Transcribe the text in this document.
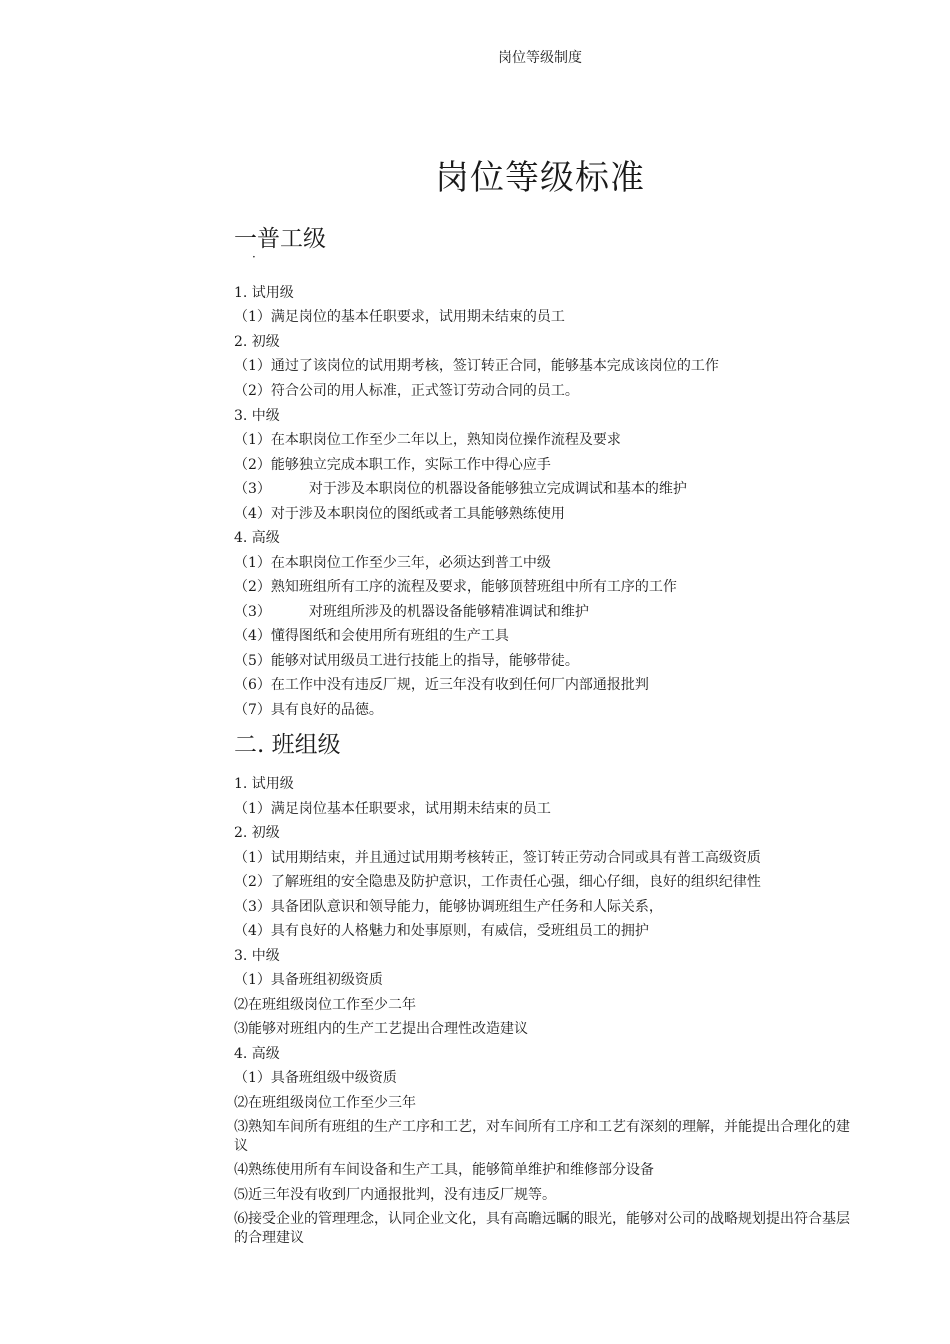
岗位等级制度
岗位等级标准
一普工级
·
1. 试用级
（1）满足岗位的基本任职要求，试用期未结束的员工
2. 初级
（1）通过了该岗位的试用期考核，签订转正合同，能够基本完成该岗位的工作
（2）符合公司的用人标准，正式签订劳动合同的员工。
3. 中级
（1）在本职岗位工作至少二年以上，熟知岗位操作流程及要求
（2）能够独立完成本职工作，实际工作中得心应手
（3）	对于涉及本职岗位的机器设备能够独立完成调试和基本的维护
（4）对于涉及本职岗位的图纸或者工具能够熟练使用
4. 高级
（1）在本职岗位工作至少三年，必须达到普工中级
（2）熟知班组所有工序的流程及要求，能够顶替班组中所有工序的工作
（3）	对班组所涉及的机器设备能够精准调试和维护
（4）懂得图纸和会使用所有班组的生产工具
（5）能够对试用级员工进行技能上的指导，能够带徒。
（6）在工作中没有违反厂规，近三年没有收到任何厂内部通报批判
（7）具有良好的品德。
二. 班组级
1. 试用级
（1）满足岗位基本任职要求，试用期未结束的员工
2. 初级
（1）试用期结束，并且通过试用期考核转正，签订转正劳动合同或具有普工高级资质
（2）了解班组的安全隐患及防护意识，工作责任心强，细心仔细，良好的组织纪律性
（3）具备团队意识和领导能力，能够协调班组生产任务和人际关系，
（4）具有良好的人格魅力和处事原则，有威信，受班组员工的拥护
3. 中级
（1）具备班组初级资质
⑵在班组级岗位工作至少二年
⑶能够对班组内的生产工艺提出合理性改造建议
4. 高级
（1）具备班组级中级资质
⑵在班组级岗位工作至少三年
⑶熟知车间所有班组的生产工序和工艺，对车间所有工序和工艺有深刻的理解，并能提出合理化的建议
⑷熟练使用所有车间设备和生产工具，能够简单维护和维修部分设备
⑸近三年没有收到厂内通报批判，没有违反厂规等。
⑹接受企业的管理理念，认同企业文化，具有高瞻远瞩的眼光，能够对公司的战略规划提出符合基层的合理建议
